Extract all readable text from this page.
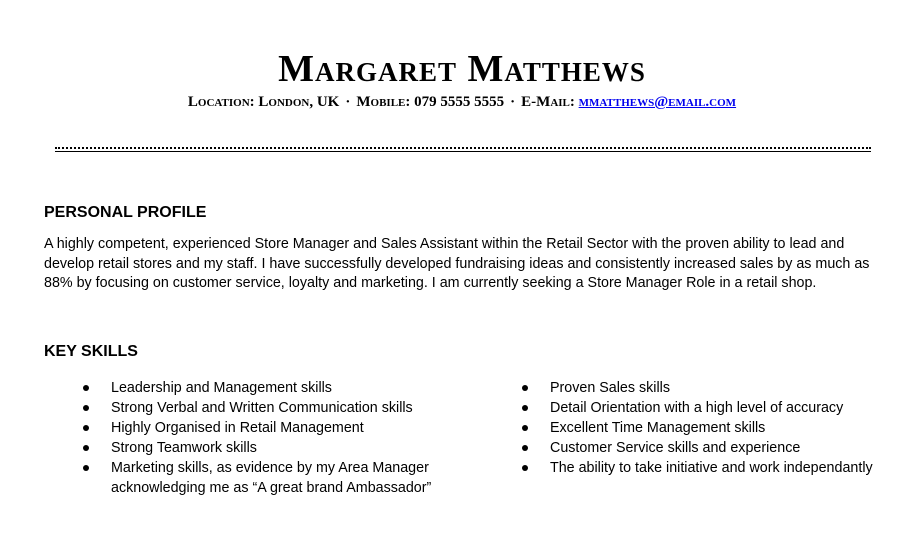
Margaret Matthews
Location: London, UK · Mobile: 079 5555 5555 · E-Mail: mmatthews@email.com
PERSONAL PROFILE
A highly competent, experienced Store Manager and Sales Assistant within the Retail Sector with the proven ability to lead and develop retail stores and my staff. I have successfully developed fundraising ideas and consistently increased sales by as much as 88% by focusing on customer service, loyalty and marketing. I am currently seeking a Store Manager Role in a retail shop.
KEY SKILLS
Leadership and Management skills
Strong Verbal and Written Communication skills
Highly Organised in Retail Management
Strong Teamwork skills
Marketing skills, as evidence by my Area Manager acknowledging me as “A great brand Ambassador”
Proven Sales skills
Detail Orientation with a high level of accuracy
Excellent Time Management skills
Customer Service skills and experience
The ability to take initiative and work independantly
